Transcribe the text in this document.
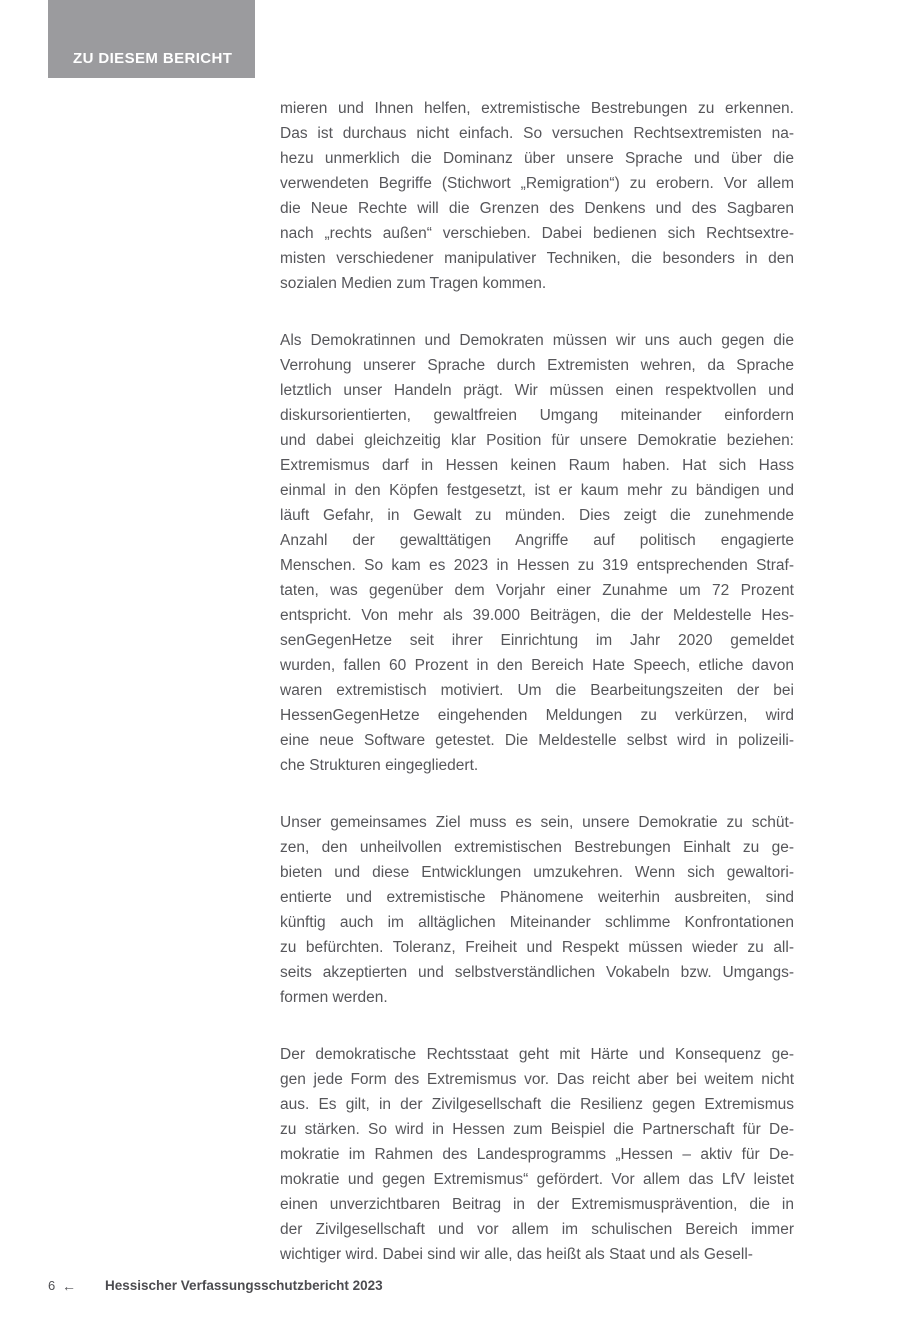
ZU DIESEM BERICHT
mieren und Ihnen helfen, extremistische Bestrebungen zu erkennen.
Das ist durchaus nicht einfach. So versuchen Rechtsextremisten na-
hezu unmerklich die Dominanz über unsere Sprache und über die
verwendeten Begriffe (Stichwort „Remigration“) zu erobern. Vor allem
die Neue Rechte will die Grenzen des Denkens und des Sagbaren
nach „rechts außen“ verschieben. Dabei bedienen sich Rechtsextre-
misten verschiedener manipulativer Techniken, die besonders in den
sozialen Medien zum Tragen kommen.
Als Demokratinnen und Demokraten müssen wir uns auch gegen die
Verrohung unserer Sprache durch Extremisten wehren, da Sprache
letztlich unser Handeln prägt. Wir müssen einen respektvollen und
diskursorientierten, gewaltfreien Umgang miteinander einfordern
und dabei gleichzeitig klar Position für unsere Demokratie beziehen:
Extremismus darf in Hessen keinen Raum haben. Hat sich Hass
einmal in den Köpfen festgesetzt, ist er kaum mehr zu bändigen und
läuft Gefahr, in Gewalt zu münden. Dies zeigt die zunehmende
Anzahl der gewalttätigen Angriffe auf politisch engagierte
Menschen. So kam es 2023 in Hessen zu 319 entsprechenden Straf-
taten, was gegenüber dem Vorjahr einer Zunahme um 72 Prozent
entspricht. Von mehr als 39.000 Beiträgen, die der Meldestelle Hes-
senGegenHetze seit ihrer Einrichtung im Jahr 2020 gemeldet
wurden, fallen 60 Prozent in den Bereich Hate Speech, etliche davon
waren extremistisch motiviert. Um die Bearbeitungszeiten der bei
HessenGegenHetze eingehenden Meldungen zu verkürzen, wird
eine neue Software getestet. Die Meldestelle selbst wird in polizeili-
che Strukturen eingegliedert.
Unser gemeinsames Ziel muss es sein, unsere Demokratie zu schüt-
zen, den unheilvollen extremistischen Bestrebungen Einhalt zu ge-
bieten und diese Entwicklungen umzukehren. Wenn sich gewaltori-
entierte und extremistische Phänomene weiterhin ausbreiten, sind
künftig auch im alltäglichen Miteinander schlimme Konfrontationen
zu befürchten. Toleranz, Freiheit und Respekt müssen wieder zu all-
seits akzeptierten und selbstverständlichen Vokabeln bzw. Umgangs-
formen werden.
Der demokratische Rechtsstaat geht mit Härte und Konsequenz ge-
gen jede Form des Extremismus vor. Das reicht aber bei weitem nicht
aus. Es gilt, in der Zivilgesellschaft die Resilienz gegen Extremismus
zu stärken. So wird in Hessen zum Beispiel die Partnerschaft für De-
mokratie im Rahmen des Landesprogramms „Hessen – aktiv für De-
mokratie und gegen Extremismus“ gefördert. Vor allem das LfV leistet
einen unverzichtbaren Beitrag in der Extremismusprävention, die in
der Zivilgesellschaft und vor allem im schulischen Bereich immer
wichtiger wird. Dabei sind wir alle, das heißt als Staat und als Gesell-
6 ← Hessischer Verfassungsschutzbericht 2023
